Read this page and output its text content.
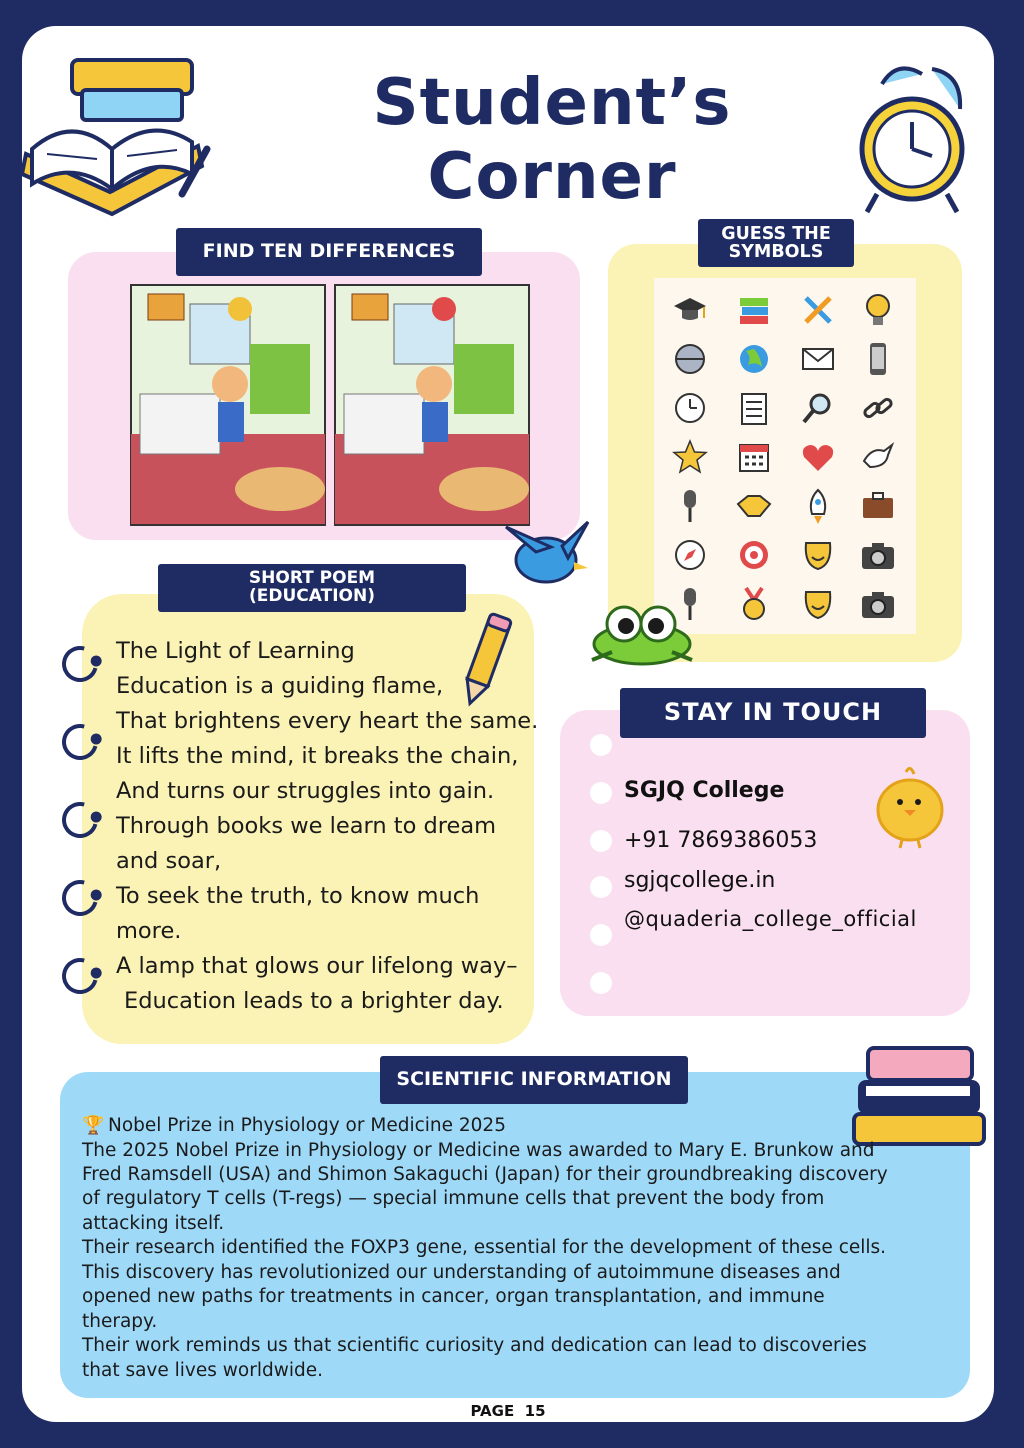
Student’s Corner
FIND TEN DIFFERENCES
GUESS THE
SYMBOLS
SHORT POEM
(EDUCATION)
The Light of Learning
Education is a guiding flame,
That brightens every heart the same.
It lifts the mind, it breaks the chain,
And turns our struggles into gain.
Through books we learn to dream
and soar,
To seek the truth, to know much
more.
A lamp that glows our lifelong way–
Education leads to a brighter day.
STAY IN TOUCH
SGJQ College
+91 7869386053
sgjqcollege.in
@quaderia_college_official
SCIENTIFIC INFORMATION
🏆 Nobel Prize in Physiology or Medicine 2025
The 2025 Nobel Prize in Physiology or Medicine was awarded to Mary E. Brunkow and
Fred Ramsdell (USA) and Shimon Sakaguchi (Japan) for their groundbreaking discovery
of regulatory T cells (T-regs) — special immune cells that prevent the body from
attacking itself.
Their research identified the FOXP3 gene, essential for the development of these cells.
This discovery has revolutionized our understanding of autoimmune diseases and
opened new paths for treatments in cancer, organ transplantation, and immune
therapy.
Their work reminds us that scientific curiosity and dedication can lead to discoveries
that save lives worldwide.
PAGE  15
